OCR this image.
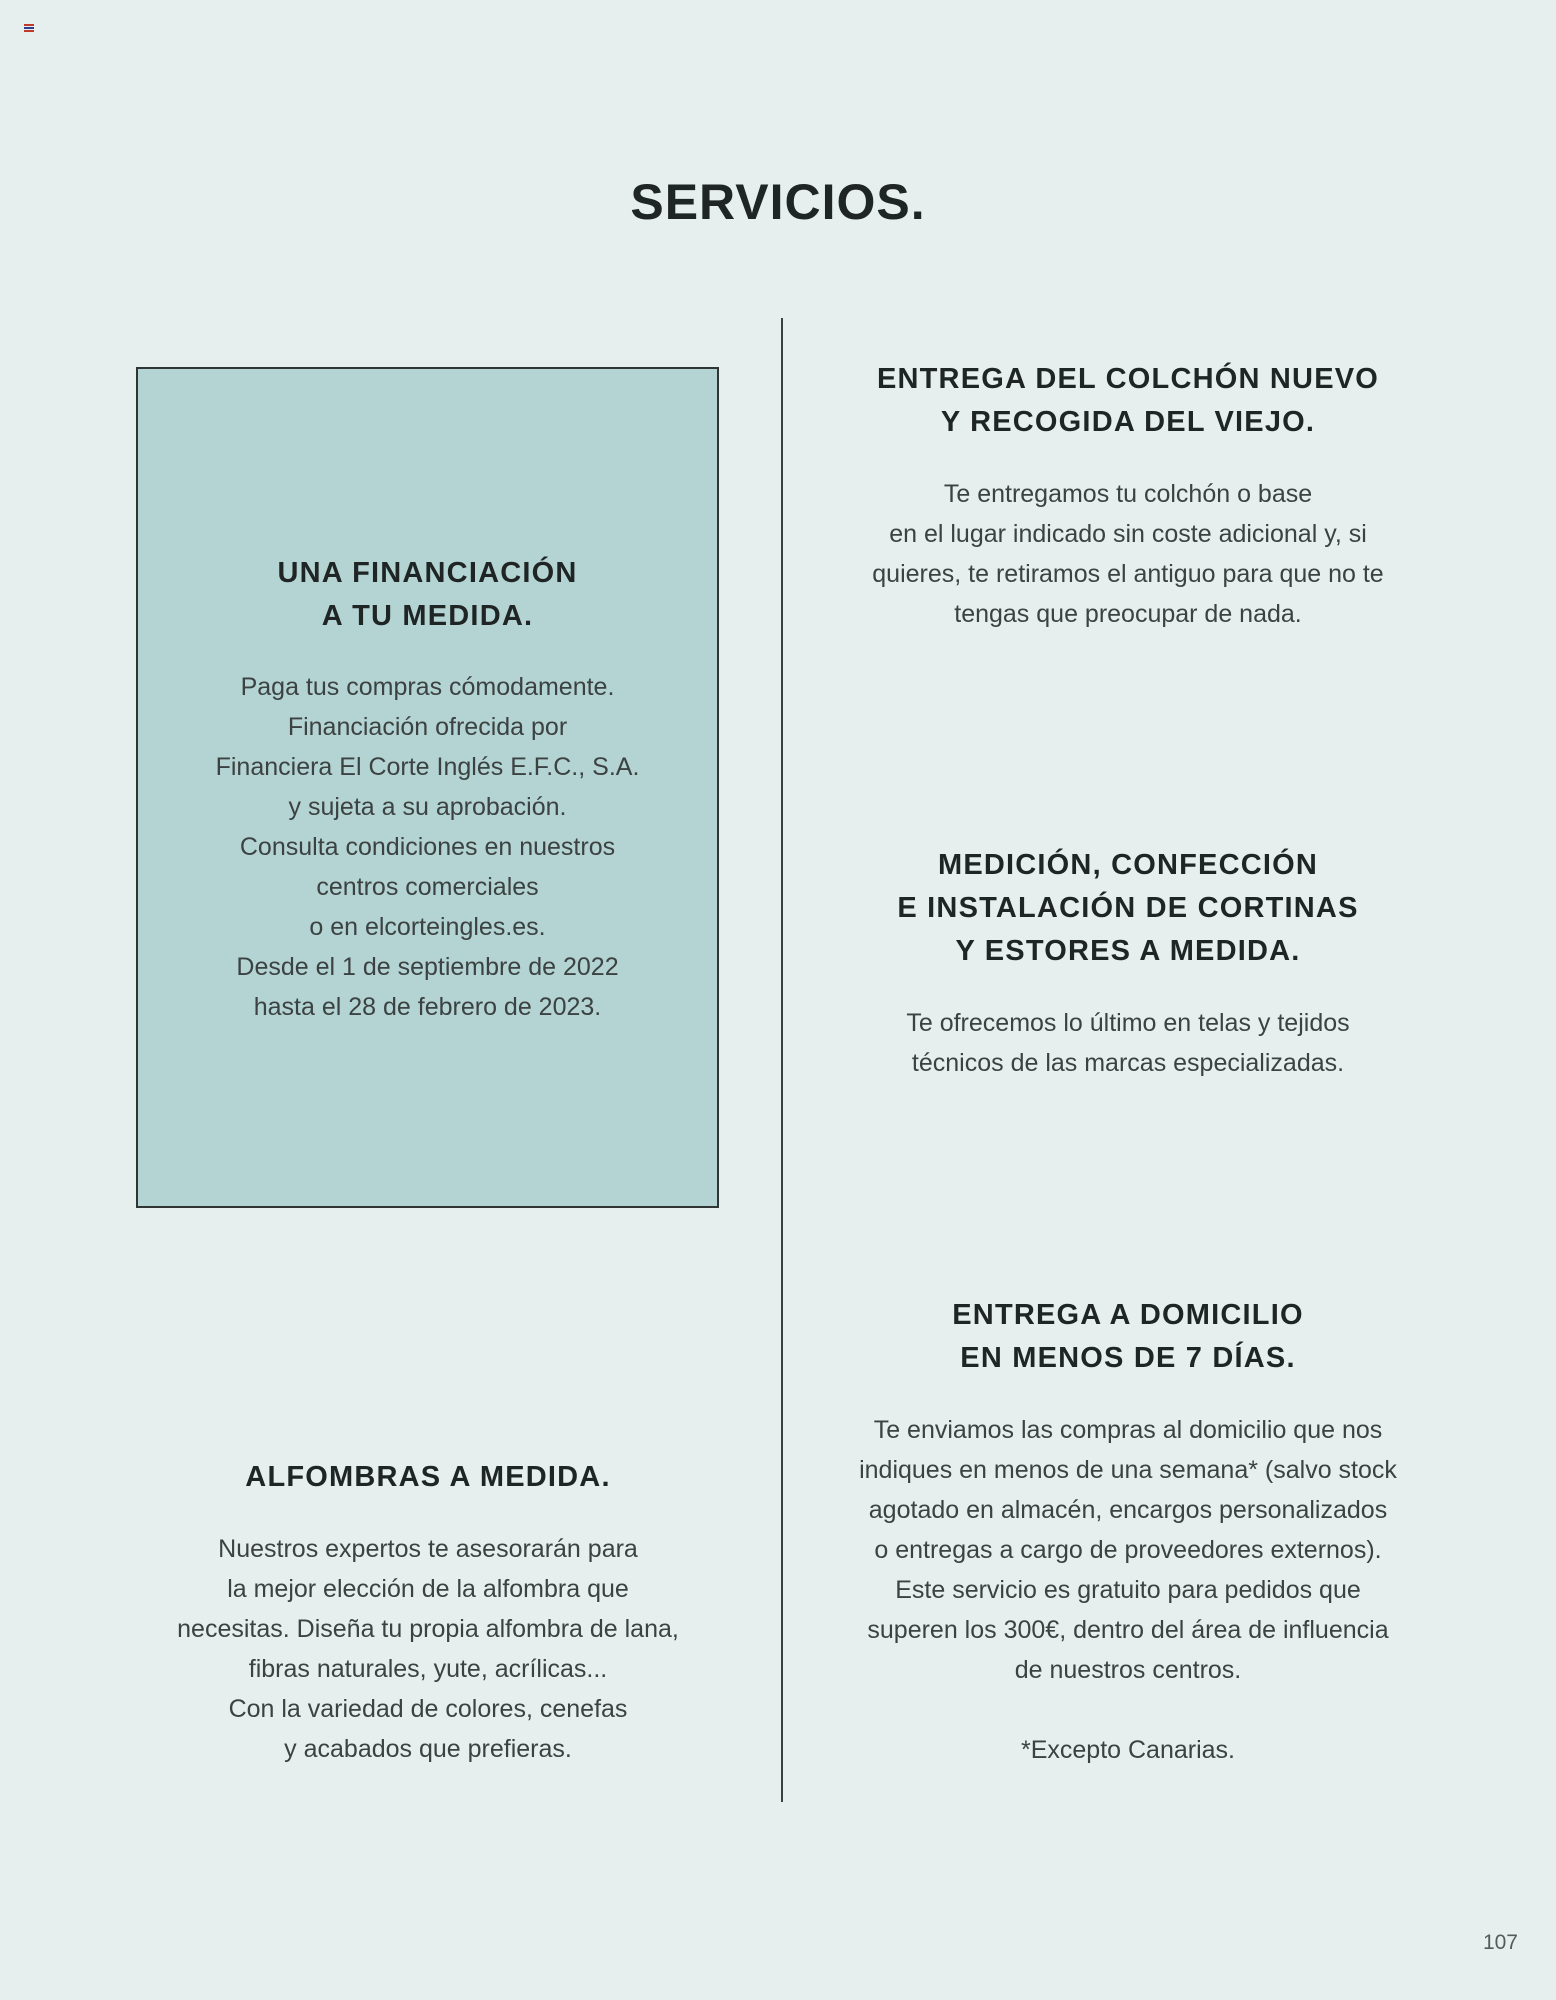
SERVICIOS.
UNA FINANCIACIÓN
A TU MEDIDA.

Paga tus compras cómodamente.
Financiación ofrecida por
Financiera El Corte Inglés E.F.C., S.A.
y sujeta a su aprobación.
Consulta condiciones en nuestros
centros comerciales
o en elcorteingles.es.
Desde el 1 de septiembre de 2022
hasta el 28 de febrero de 2023.

ALFOMBRAS A MEDIDA.

Nuestros expertos te asesorarán para
la mejor elección de la alfombra que
necesitas. Diseña tu propia alfombra de lana,
fibras naturales, yute, acrílicas...
Con la variedad de colores, cenefas
y acabados que prefieras.

ENTREGA DEL COLCHÓN NUEVO
Y RECOGIDA DEL VIEJO.

Te entregamos tu colchón o base
en el lugar indicado sin coste adicional y, si
quieres, te retiramos el antiguo para que no te
tengas que preocupar de nada.

MEDICIÓN, CONFECCIÓN
E INSTALACIÓN DE CORTINAS
Y ESTORES A MEDIDA.

Te ofrecemos lo último en telas y tejidos
técnicos de las marcas especializadas.

ENTREGA A DOMICILIO
EN MENOS DE 7 DÍAS.

Te enviamos las compras al domicilio que nos
indiques en menos de una semana* (salvo stock
agotado en almacén, encargos personalizados
o entregas a cargo de proveedores externos).
Este servicio es gratuito para pedidos que
superen los 300€, dentro del área de influencia
de nuestros centros.

*Excepto Canarias.

107
